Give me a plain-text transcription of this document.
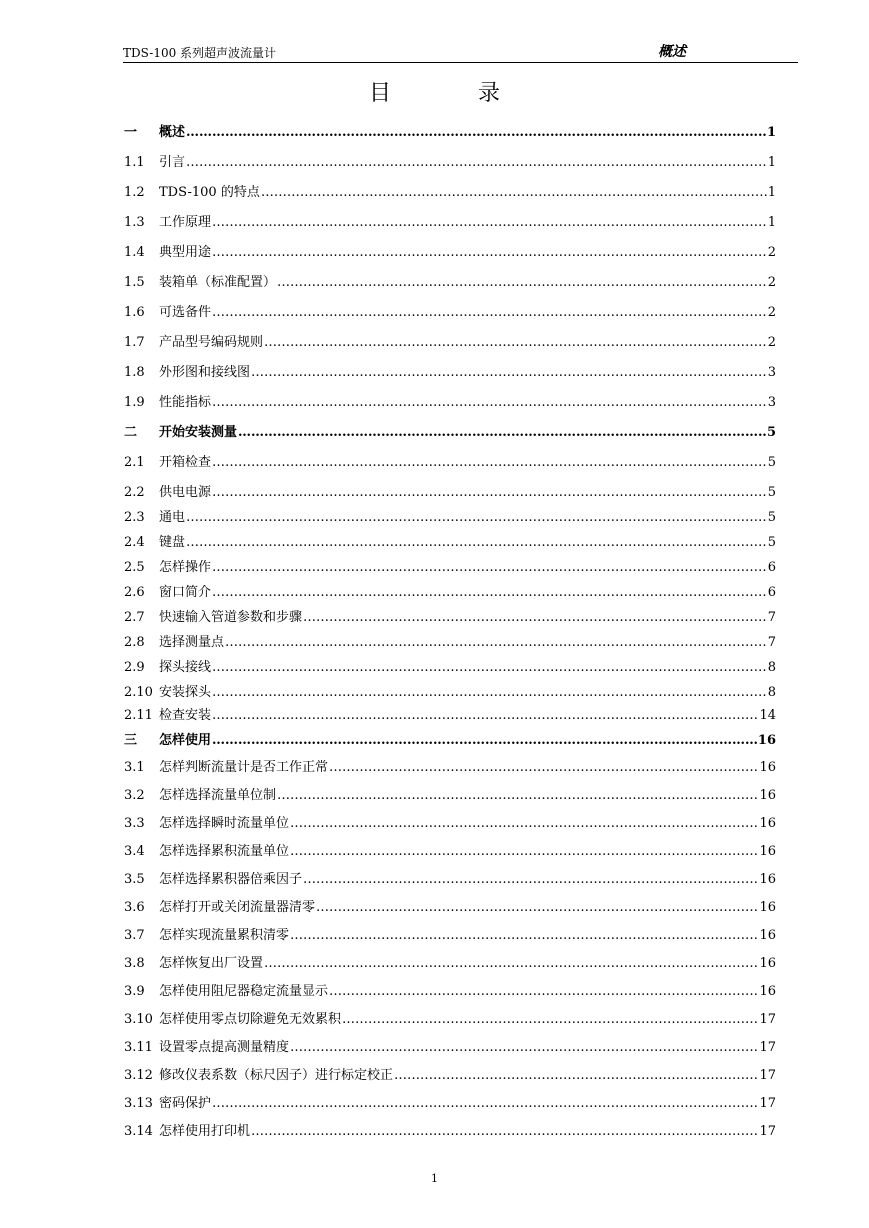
TDS-100 系列超声波流量计	概述
目 录
一	概述 …………………………………………………………………………………………………………………………………………………………………………………………	1
1.1	引言 …………………………………………………………………………………………………………………………………………………………………………………………	1
1.2	TDS-100 的特点 …………………………………………………………………………………………………………………………………………………………………………………………	1
1.3	工作原理 …………………………………………………………………………………………………………………………………………………………………………………………	1
1.4	典型用途 …………………………………………………………………………………………………………………………………………………………………………………………	2
1.5	装箱单（标准配置） …………………………………………………………………………………………………………………………………………………………………………………………	2
1.6	可选备件 …………………………………………………………………………………………………………………………………………………………………………………………	2
1.7	产品型号编码规则 …………………………………………………………………………………………………………………………………………………………………………………………	2
1.8	外形图和接线图 …………………………………………………………………………………………………………………………………………………………………………………………	3
1.9	性能指标 …………………………………………………………………………………………………………………………………………………………………………………………	3
二	开始安装测量 …………………………………………………………………………………………………………………………………………………………………………………………	5
2.1	开箱检查 …………………………………………………………………………………………………………………………………………………………………………………………	5
2.2	供电电源 …………………………………………………………………………………………………………………………………………………………………………………………	5
2.3	通电 …………………………………………………………………………………………………………………………………………………………………………………………	5
2.4	键盘 …………………………………………………………………………………………………………………………………………………………………………………………	5
2.5	怎样操作 …………………………………………………………………………………………………………………………………………………………………………………………	6
2.6	窗口简介 …………………………………………………………………………………………………………………………………………………………………………………………	6
2.7	快速输入管道参数和步骤 …………………………………………………………………………………………………………………………………………………………………………………………	7
2.8	选择测量点 …………………………………………………………………………………………………………………………………………………………………………………………	7
2.9	探头接线 …………………………………………………………………………………………………………………………………………………………………………………………	8
2.10 安装探头 …………………………………………………………………………………………………………………………………………………………………………………………	8
2.11 检查安装 …………………………………………………………………………………………………………………………………………………………………………………………	14
三	怎样使用 …………………………………………………………………………………………………………………………………………………………………………………………	16
3.1	怎样判断流量计是否工作正常 …………………………………………………………………………………………………………………………………………………………………………………………	16
3.2	怎样选择流量单位制 …………………………………………………………………………………………………………………………………………………………………………………………	16
3.3	怎样选择瞬时流量单位 …………………………………………………………………………………………………………………………………………………………………………………………	16
3.4	怎样选择累积流量单位 …………………………………………………………………………………………………………………………………………………………………………………………	16
3.5	怎样选择累积器倍乘因子 …………………………………………………………………………………………………………………………………………………………………………………………	16
3.6	怎样打开或关闭流量器清零 …………………………………………………………………………………………………………………………………………………………………………………………	16
3.7	怎样实现流量累积清零 …………………………………………………………………………………………………………………………………………………………………………………………	16
3.8	怎样恢复出厂设置 …………………………………………………………………………………………………………………………………………………………………………………………	16
3.9	怎样使用阻尼器稳定流量显示 …………………………………………………………………………………………………………………………………………………………………………………………	16
3.10 怎样使用零点切除避免无效累积 …………………………………………………………………………………………………………………………………………………………………………………………	17
3.11 设置零点提高测量精度 …………………………………………………………………………………………………………………………………………………………………………………………	17
3.12 修改仪表系数（标尺因子）进行标定校正 …………………………………………………………………………………………………………………………………………………………………………………………	17
3.13 密码保护 …………………………………………………………………………………………………………………………………………………………………………………………	17
3.14 怎样使用打印机 …………………………………………………………………………………………………………………………………………………………………………………………	17
1
